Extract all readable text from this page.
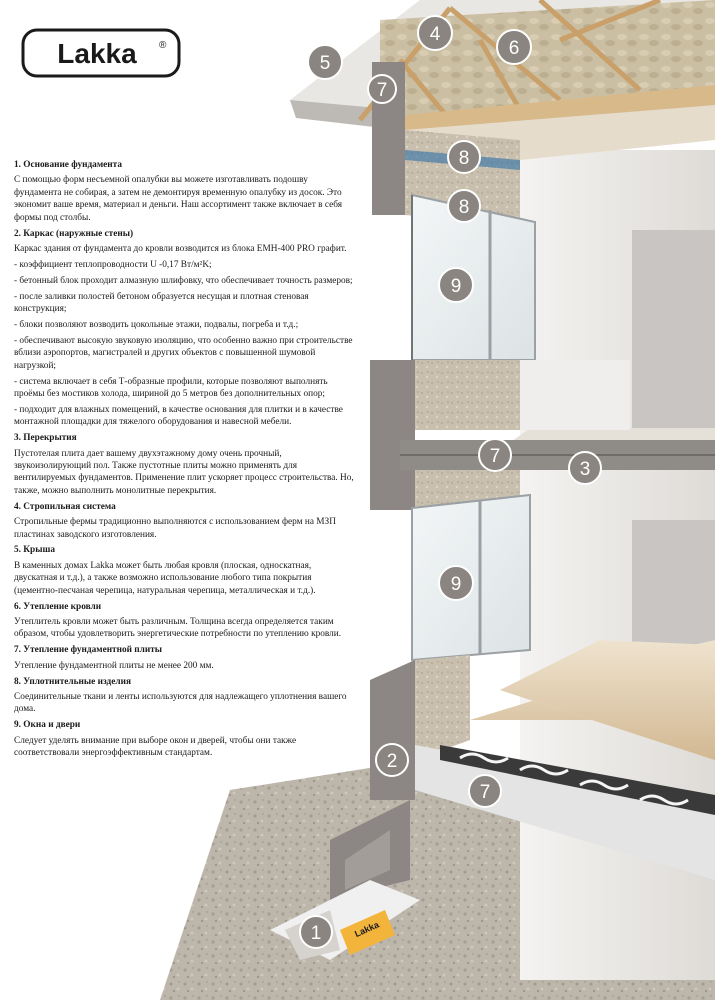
Lakka
5
4
6
7
8
8
9
7
3
9
2
7
1
Lakka ®
1. Основание фундамента
С помощью форм несъемной опалубки вы можете изготавливать подошву фундамента не собирая, а затем не демонтируя временную опалубку из досок. Это экономит ваше время, материал и деньги. Наш ассортимент также включает в себя формы под столбы.
2. Каркас (наружные стены)
Каркас здания от фундамента до кровли возводится из блока ЕМН-400 PRO графит.
- коэффициент теплопроводности U -0,17 Вт/м²K;
- бетонный блок проходит алмазную шлифовку, что обеспечивает точность размеров;
- после заливки полостей бетоном образуется несущая и плотная стеновая конструкция;
- блоки позволяют возводить цокольные этажи, подвалы, погреба и т.д.;
- обеспечивают высокую звуковую изоляцию, что особенно важно при строительстве вблизи аэропортов, магистралей и других объектов с повышенной шумовой нагрузкой;
- система включает в себя Т-образные профили, которые позволяют выполнять проёмы без мостиков холода, шириной до 5 метров без дополнительных опор;
- подходит для влажных помещений, в качестве основания для плитки и в качестве монтажной площадки для тяжелого оборудования и навесной мебели.
3. Перекрытия
Пустотелая плита дает вашему двухэтажному дому очень прочный, звукоизолирующий пол. Также пустотные плиты можно применять для вентилируемых фундаментов. Применение плит ускоряет процесс строительства. Но, также, можно выполнить монолитные перекрытия.
4. Стропильная система
Стропильные фермы традиционно выполняются с использованием ферм на МЗП пластинах заводского изготовления.
5. Крыша
В каменных домах Lakka может быть любая кровля (плоская, односкатная, двускатная и т.д.), а также возможно использование любого типа покрытия (цементно-песчаная черепица, натуральная черепица, металлическая и т.д.).
6. Утепление кровли
Утеплитель кровли может быть различным. Толщина всегда определяется таким образом, чтобы удовлетворить энергетические потребности по утеплению кровли.
7. Утепление фундаментной плиты
Утепление фундаментной плиты не менее 200 мм.
8. Уплотнительные изделия
Соединительные ткани и ленты используются для надлежащего уплотнения вашего дома.
9. Окна и двери
Следует уделять внимание при выборе окон и дверей, чтобы они также соответствовали энергоэффективным стандартам.
